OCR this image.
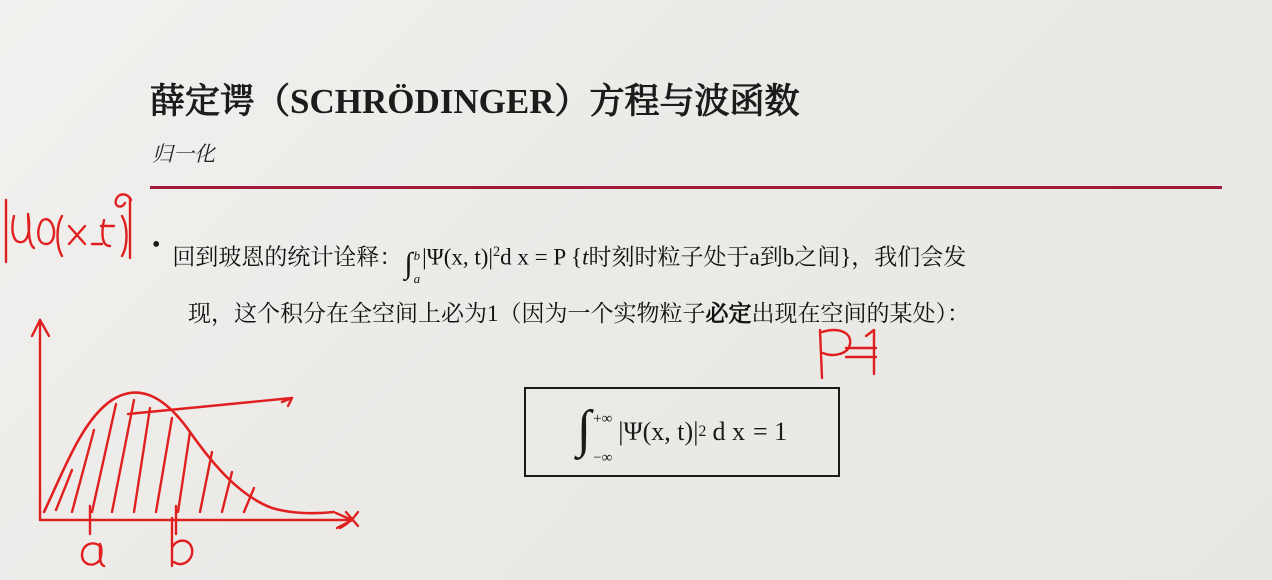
薛定谔（SCHRÖDINGER）方程与波函数
归一化
• 回到玻恩的统计诠释：∫ b
a
|Ψ(x, $t)|^2d$ x = P {t时刻时粒子处于a到b之间}，我们会发
现，这个积分在全空间上必为1（因为一个实物粒子必定出现在空间的某处）：
∫ +∞
−∞
|Ψ(x, t)| 2 d x = 1
